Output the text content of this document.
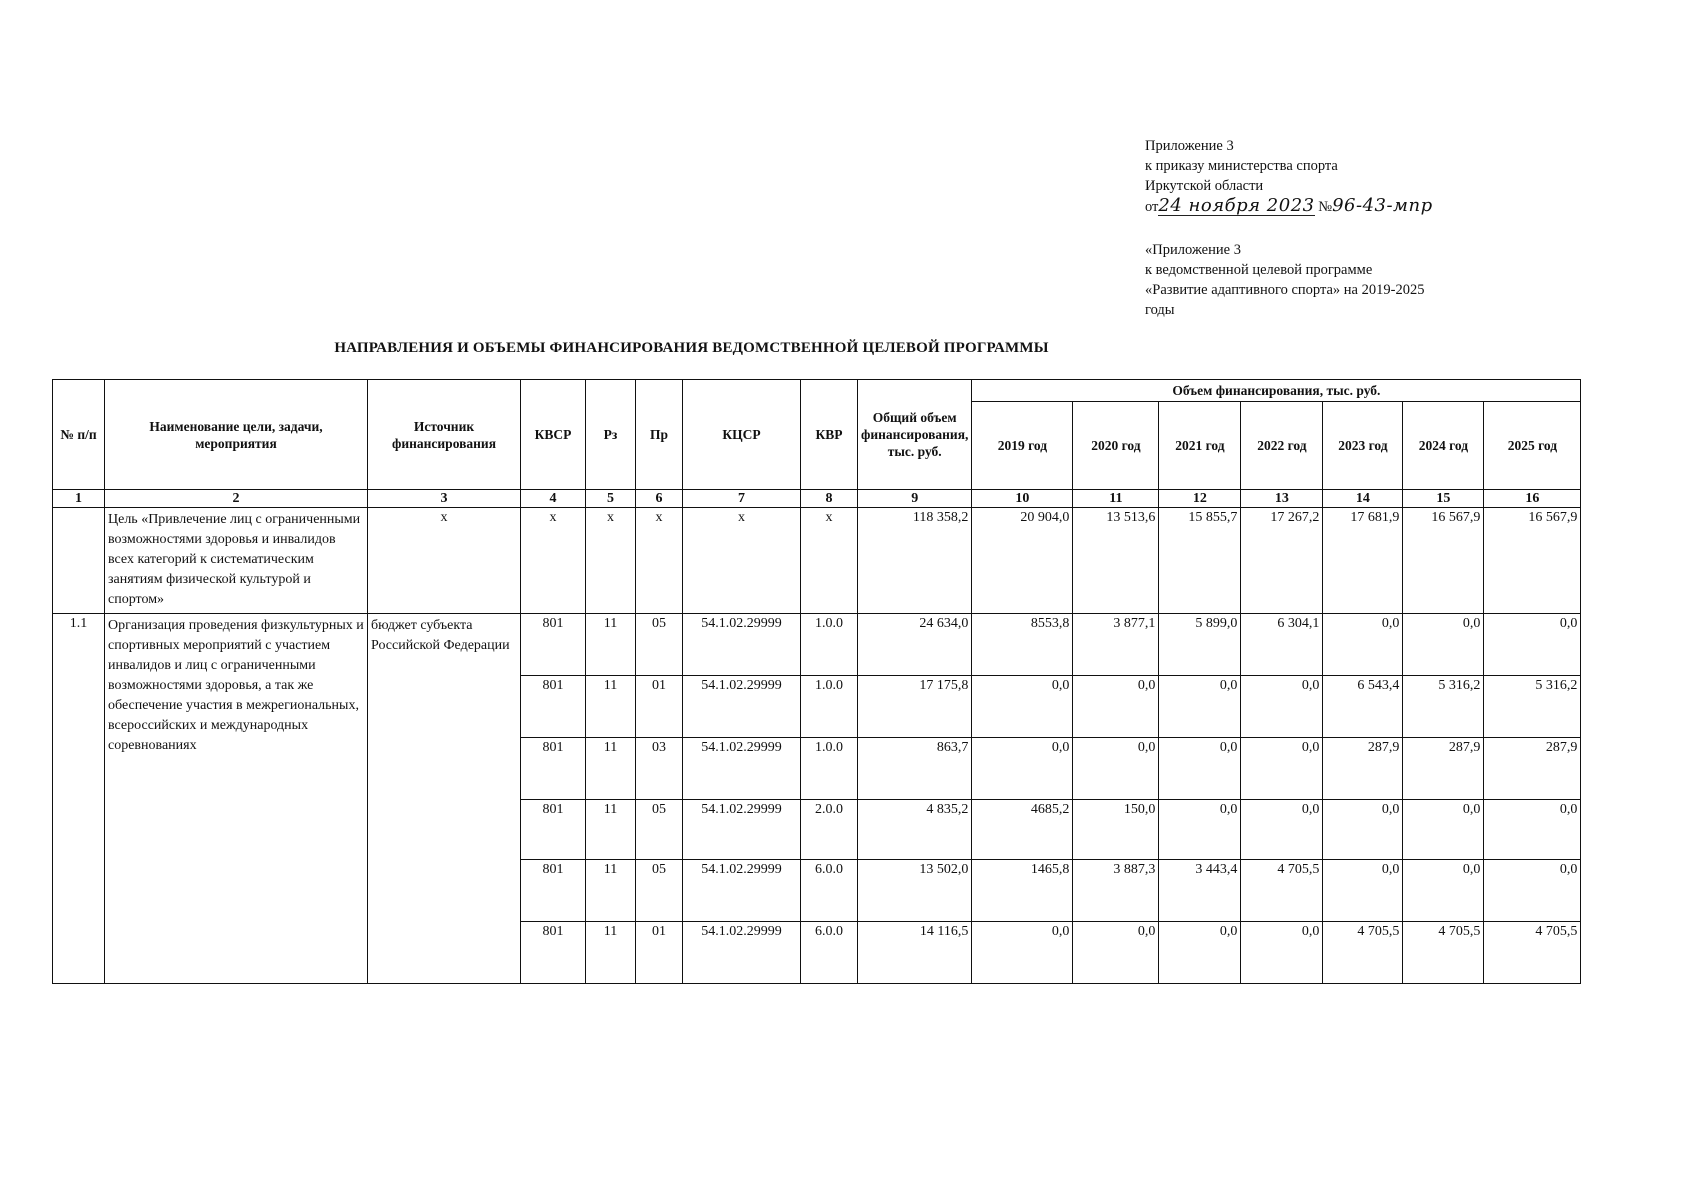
Приложение 3
к приказу министерства спорта
Иркутской области
от24 ноября 2023 №96-43-мпр
«Приложение 3
к ведомственной целевой программе
«Развитие адаптивного спорта» на 2019-2025
годы
НАПРАВЛЕНИЯ И ОБЪЕМЫ ФИНАНСИРОВАНИЯ ВЕДОМСТВЕННОЙ ЦЕЛЕВОЙ ПРОГРАММЫ
№ п/п	Наименование цели, задачи, мероприятия	Источник финансирования	КВСР	Рз	Пр	КЦСР	КВР	Общий объем финансирования, тыс. руб.	Объем финансирования, тыс. руб.						
									2019 год	2020 год	2021 год	2022 год	2023 год	2024 год	2025 год
1	2	3	4	5	6	7	8	9	10	11	12	13	14	15	16
	Цель «Привлечение лиц с ограниченными возможностями здоровья и инвалидов всех категорий к систематическим занятиям физической культурой и спортом»	х	х	х	х	х	х	118 358,2	20 904,0	13 513,6	15 855,7	17 267,2	17 681,9	16 567,9	16 567,9
1.1	Организация проведения физкультурных и спортивных мероприятий с участием инвалидов и лиц с ограниченными возможностями здоровья, а так же обеспечение участия в межрегиональных, всероссийских и международных соревнованиях	бюджет субъекта Российской Федерации	801	11	05	54.1.02.29999	1.0.0	24 634,0	8553,8	3 877,1	5 899,0	6 304,1	0,0	0,0	0,0
			801	11	01	54.1.02.29999	1.0.0	17 175,8	0,0	0,0	0,0	0,0	6 543,4	5 316,2	5 316,2
			801	11	03	54.1.02.29999	1.0.0	863,7	0,0	0,0	0,0	0,0	287,9	287,9	287,9
			801	11	05	54.1.02.29999	2.0.0	4 835,2	4685,2	150,0	0,0	0,0	0,0	0,0	0,0
			801	11	05	54.1.02.29999	6.0.0	13 502,0	1465,8	3 887,3	3 443,4	4 705,5	0,0	0,0	0,0
			801	11	01	54.1.02.29999	6.0.0	14 116,5	0,0	0,0	0,0	0,0	4 705,5	4 705,5	4 705,5
